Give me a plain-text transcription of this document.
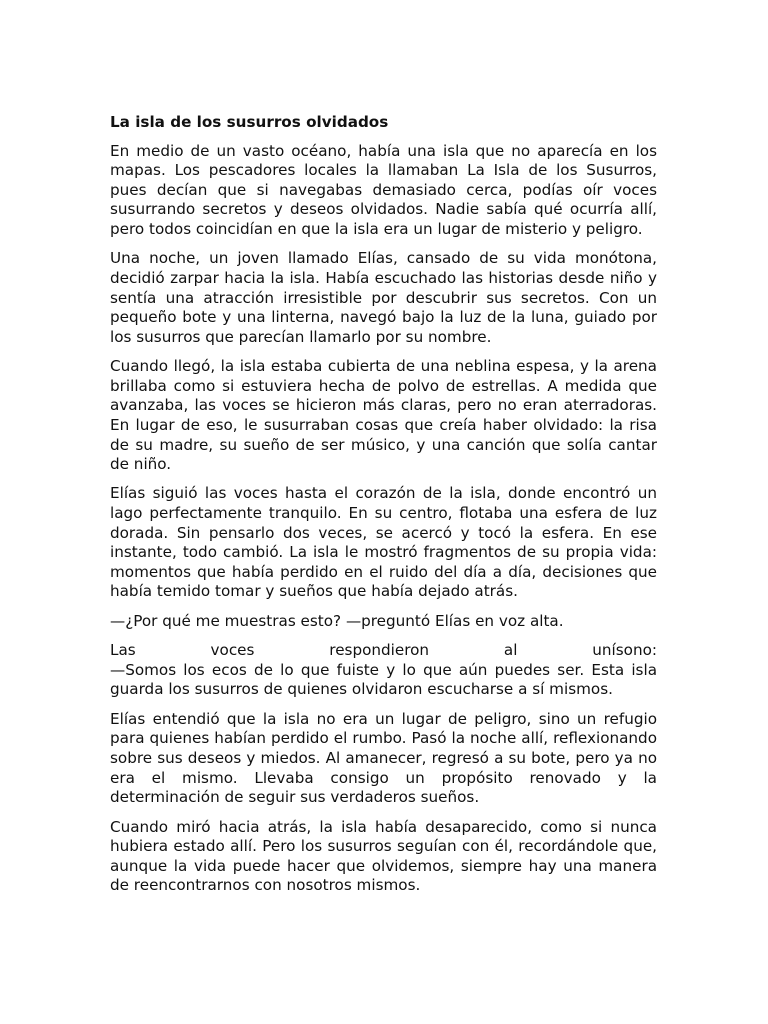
La isla de los susurros olvidados

En medio de un vasto océano, había una isla que no aparecía en los mapas. Los pescadores locales la llamaban La Isla de los Susurros, pues decían que si navegabas demasiado cerca, podías oír voces susurrando secretos y deseos olvidados. Nadie sabía qué ocurría allí, pero todos coincidían en que la isla era un lugar de misterio y peligro.

Una noche, un joven llamado Elías, cansado de su vida monótona, decidió zarpar hacia la isla. Había escuchado las historias desde niño y sentía una atracción irresistible por descubrir sus secretos. Con un pequeño bote y una linterna, navegó bajo la luz de la luna, guiado por los susurros que parecían llamarlo por su nombre.

Cuando llegó, la isla estaba cubierta de una neblina espesa, y la arena brillaba como si estuviera hecha de polvo de estrellas. A medida que avanzaba, las voces se hicieron más claras, pero no eran aterradoras. En lugar de eso, le susurraban cosas que creía haber olvidado: la risa de su madre, su sueño de ser músico, y una canción que solía cantar de niño.

Elías siguió las voces hasta el corazón de la isla, donde encontró un lago perfectamente tranquilo. En su centro, flotaba una esfera de luz dorada. Sin pensarlo dos veces, se acercó y tocó la esfera. En ese instante, todo cambió. La isla le mostró fragmentos de su propia vida: momentos que había perdido en el ruido del día a día, decisiones que había temido tomar y sueños que había dejado atrás.

—¿Por qué me muestras esto? —preguntó Elías en voz alta.

Las voces respondieron al unísono:
—Somos los ecos de lo que fuiste y lo que aún puedes ser. Esta isla guarda los susurros de quienes olvidaron escucharse a sí mismos.

Elías entendió que la isla no era un lugar de peligro, sino un refugio para quienes habían perdido el rumbo. Pasó la noche allí, reflexionando sobre sus deseos y miedos. Al amanecer, regresó a su bote, pero ya no era el mismo. Llevaba consigo un propósito renovado y la determinación de seguir sus verdaderos sueños.

Cuando miró hacia atrás, la isla había desaparecido, como si nunca hubiera estado allí. Pero los susurros seguían con él, recordándole que, aunque la vida puede hacer que olvidemos, siempre hay una manera de reencontrarnos con nosotros mismos.
